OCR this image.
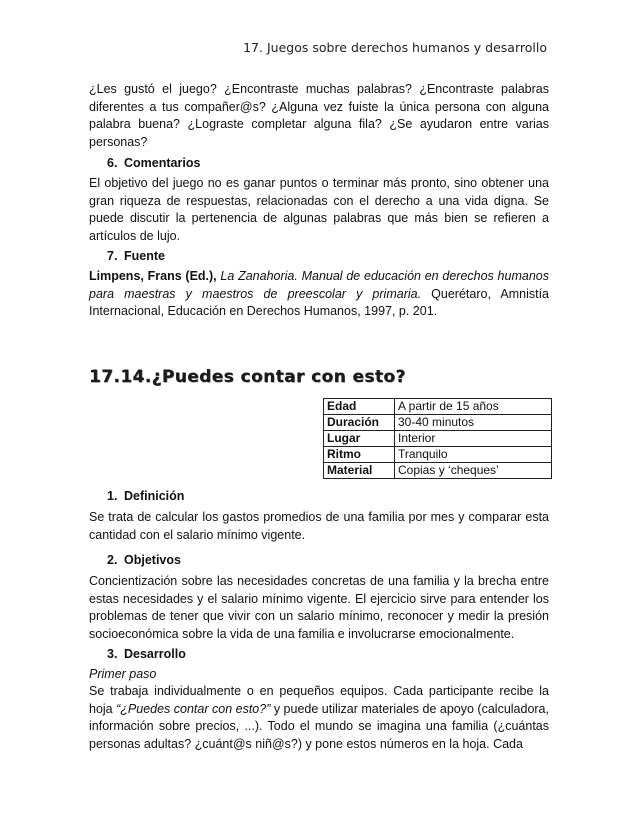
17. Juegos sobre derechos humanos y desarrollo

¿Les gustó el juego? ¿Encontraste muchas palabras? ¿Encontraste palabras diferentes a tus compañer@s? ¿Alguna vez fuiste la única persona con alguna palabra buena? ¿Lograste completar alguna fila? ¿Se ayudaron entre varias personas?

6. Comentarios

El objetivo del juego no es ganar puntos o terminar más pronto, sino obtener una gran riqueza de respuestas, relacionadas con el derecho a una vida digna. Se puede discutir la pertenencia de algunas palabras que más bien se refieren a artículos de lujo.

7. Fuente

Limpens, Frans (Ed.), La Zanahoria. Manual de educación en derechos humanos para maestras y maestros de preescolar y primaria. Querétaro, Amnistía Internacional, Educación en Derechos Humanos, 1997, p. 201.

17.14.¿Puedes contar con esto?
Edad	A partir de 15 años
Duración	30-40 minutos
Lugar	Interior
Ritmo	Tranquilo
Material	Copias y ‘cheques’

1. Definición

Se trata de calcular los gastos promedios de una familia por mes y comparar esta cantidad con el salario mínimo vigente.

2. Objetivos

Concientización sobre las necesidades concretas de una familia y la brecha entre estas necesidades y el salario mínimo vigente. El ejercicio sirve para entender los problemas de tener que vivir con un salario mínimo, reconocer y medir la presión socioeconómica sobre la vida de una familia e involucrarse emocionalmente.

3. Desarrollo

Primer paso

Se trabaja individualmente o en pequeños equipos. Cada participante recibe la hoja “¿Puedes contar con esto?” y puede utilizar materiales de apoyo (calculadora, información sobre precios, ...). Todo el mundo se imagina una familia (¿cuántas personas adultas? ¿cuánt@s niñ@s?) y pone estos números en la hoja. Cada
